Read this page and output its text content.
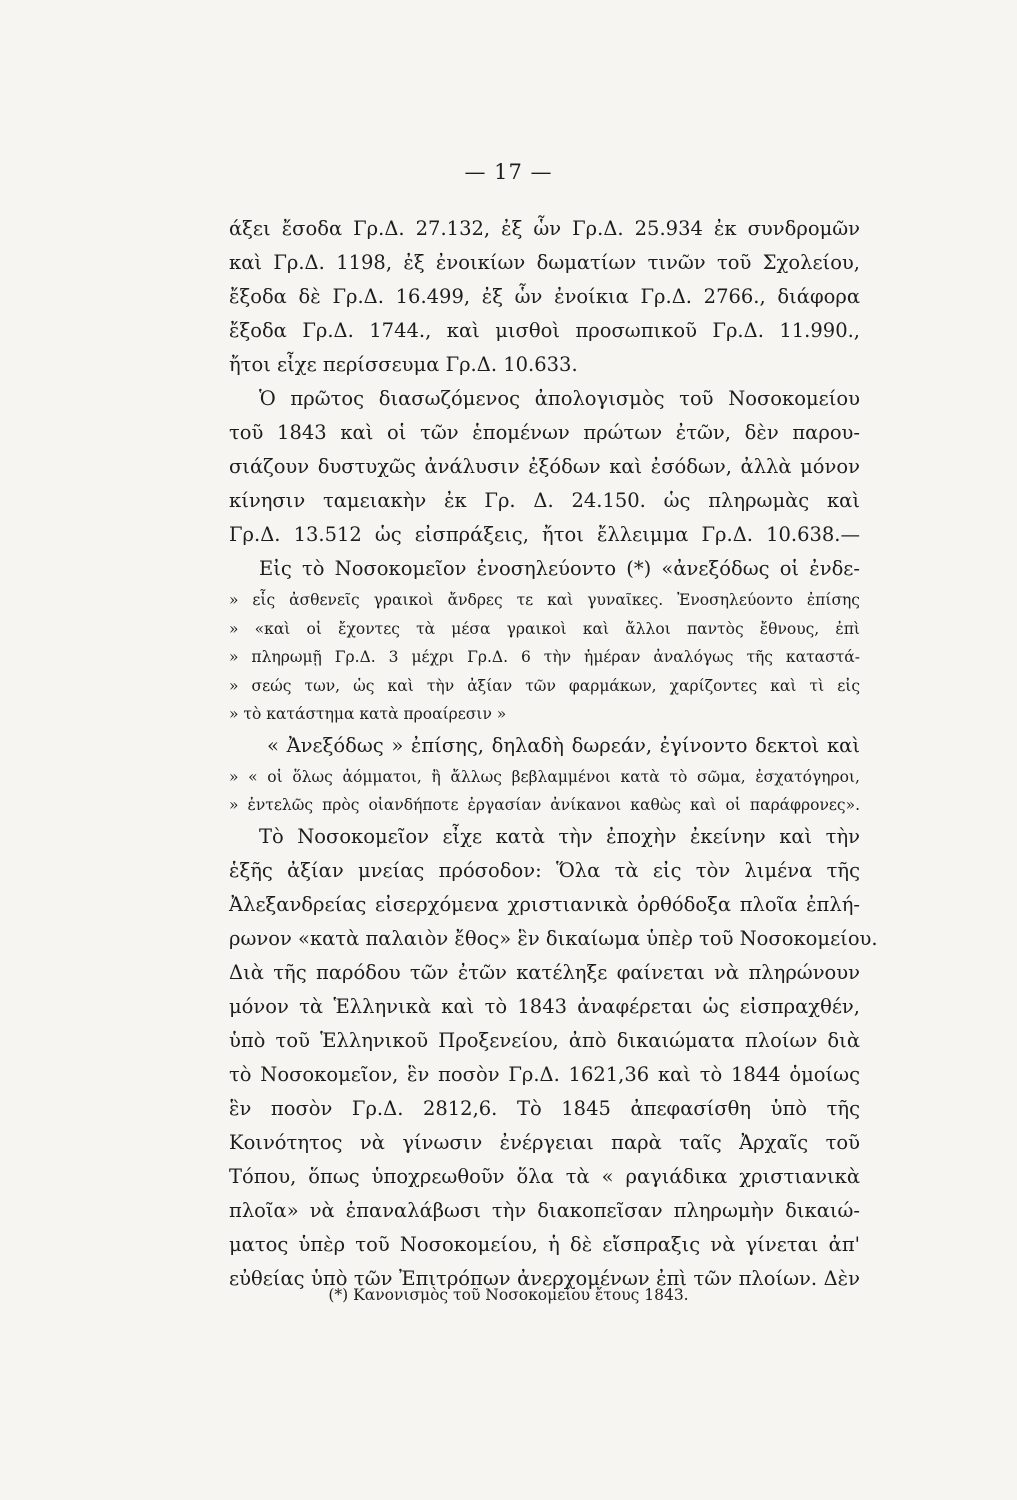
— 17 —
άξει ἔσοδα Γρ.Δ. 27.132, ἐξ ὧν Γρ.Δ. 25.934 ἐκ συνδρομῶν
καὶ Γρ.Δ. 1198, ἐξ ἐνοικίων δωματίων τινῶν τοῦ Σχολείου,
ἔξοδα δὲ Γρ.Δ. 16.499, ἐξ ὧν ἐνοίκια Γρ.Δ. 2766., διάφορα
ἔξοδα Γρ.Δ. 1744., καὶ μισθοὶ προσωπικοῦ Γρ.Δ. 11.990.,
ἤτοι εἶχε περίσσευμα Γρ.Δ. 10.633.
Ὁ πρῶτος διασωζόμενος ἀπολογισμὸς τοῦ Νοσοκομείου
τοῦ 1843 καὶ οἱ τῶν ἑπομένων πρώτων ἐτῶν, δὲν παρου-
σιάζουν δυστυχῶς ἀνάλυσιν ἐξόδων καὶ ἐσόδων, ἀλλὰ μόνον
κίνησιν ταμειακὴν ἐκ Γρ. Δ. 24.150. ὡς πληρωμὰς καὶ
Γρ.Δ. 13.512 ὡς εἰσπράξεις, ἤτοι ἔλλειμμα Γρ.Δ. 10.638.—
Εἰς τὸ Νοσοκομεῖον ἐνοσηλεύοντο (*) «ἀνεξόδως οἱ ἐνδε-
» εἷς ἀσθενεῖς γραικοὶ ἄνδρες τε καὶ γυναῖκες. Ἐνοσηλεύοντο ἐπίσης
» «καὶ οἱ ἔχοντες τὰ μέσα γραικοὶ καὶ ἄλλοι παντὸς ἔθνους, ἐπὶ
» πληρωμῇ Γρ.Δ. 3 μέχρι Γρ.Δ. 6 τὴν ἡμέραν ἀναλόγως τῆς καταστά-
» σεώς των, ὡς καὶ τὴν ἀξίαν τῶν φαρμάκων, χαρίζοντες καὶ τὶ εἰς
» τὸ κατάστημα κατὰ προαίρεσιν »
« Ἀνεξόδως » ἐπίσης, δηλαδὴ δωρεάν, ἐγίνοντο δεκτοὶ καὶ
» « οἱ ὅλως ἀόμματοι, ἢ ἄλλως βεβλαμμένοι κατὰ τὸ σῶμα, ἐσχατόγηροι,
» ἐντελῶς πρὸς οἱανδήποτε ἐργασίαν ἀνίκανοι καθὼς καὶ οἱ παράφρονες».
Τὸ Νοσοκομεῖον εἶχε κατὰ τὴν ἐποχὴν ἐκείνην καὶ τὴν
ἑξῆς ἀξίαν μνείας πρόσοδον: Ὅλα τὰ εἰς τὸν λιμένα τῆς
Ἀλεξανδρείας εἰσερχόμενα χριστιανικὰ ὀρθόδοξα πλοῖα ἐπλή-
ρωνον «κατὰ παλαιὸν ἔθος» ἓν δικαίωμα ὑπὲρ τοῦ Νοσοκομείου.
Διὰ τῆς παρόδου τῶν ἐτῶν κατέληξε φαίνεται νὰ πληρώνουν
μόνον τὰ Ἑλληνικὰ καὶ τὸ 1843 ἀναφέρεται ὡς εἰσπραχθέν,
ὑπὸ τοῦ Ἑλληνικοῦ Προξενείου, ἀπὸ δικαιώματα πλοίων διὰ
τὸ Νοσοκομεῖον, ἓν ποσὸν Γρ.Δ. 1621,36 καὶ τὸ 1844 ὁμοίως
ἓν ποσὸν Γρ.Δ. 2812,6. Τὸ 1845 ἀπεφασίσθη ὑπὸ τῆς
Κοινότητος νὰ γίνωσιν ἐνέργειαι παρὰ ταῖς Ἀρχαῖς τοῦ
Τόπου, ὅπως ὑποχρεωθοῦν ὅλα τὰ « ραγιάδικα χριστιανικὰ
πλοῖα» νὰ ἐπαναλάβωσι τὴν διακοπεῖσαν πληρωμὴν δικαιώ-
ματος ὑπὲρ τοῦ Νοσοκομείου, ἡ δὲ εἴσπραξις νὰ γίνεται ἀπ'
εὐθείας ὑπὸ τῶν Ἐπιτρόπων ἀνερχομένων ἐπὶ τῶν πλοίων. Δὲν
(*) Κανονισμὸς τοῦ Νοσοκομείου ἔτους 1843.
